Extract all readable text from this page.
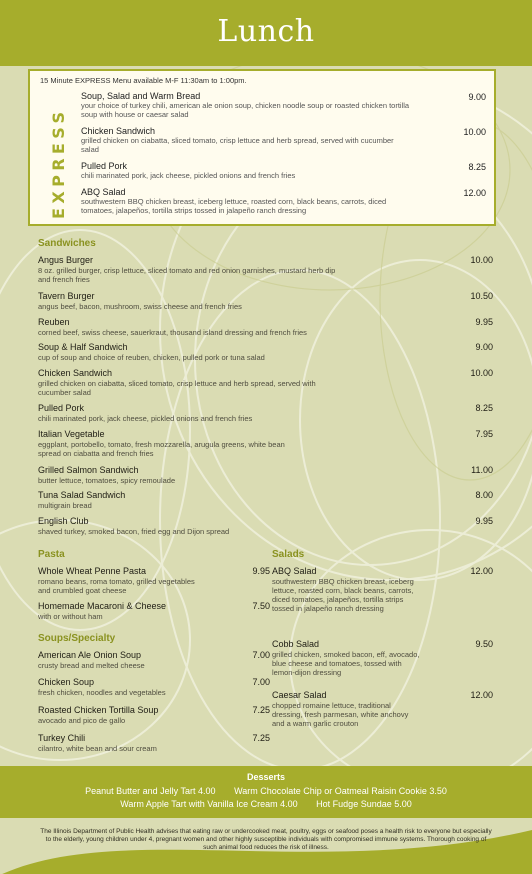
Lunch
15 Minute EXPRESS Menu available M-F 11:30am to 1:00pm.
EXPRESS
Soup, Salad and Warm Bread
your choice of turkey chili, american ale onion soup, chicken noodle soup or roasted chicken tortilla soup with house or caesar salad
9.00
Chicken Sandwich
grilled chicken on ciabatta, sliced tomato, crisp lettuce and herb spread, served with cucumber salad
10.00
Pulled Pork
chili marinated pork, jack cheese, pickled onions and french fries
8.25
ABQ Salad
southwestern BBQ chicken breast, iceberg lettuce, roasted corn, black beans, carrots, diced tomatoes, jalapeños, tortilla strips tossed in jalapeño ranch dressing
12.00
Sandwiches
Angus Burger
8 oz. grilled burger, crisp lettuce, sliced tomato and red onion garnishes, mustard herb dip and french fries
10.00
Tavern Burger
angus beef, bacon, mushroom, swiss cheese and french fries
10.50
Reuben
corned beef, swiss cheese, sauerkraut, thousand island dressing and french fries
9.95
Soup & Half Sandwich
cup of soup and choice of reuben, chicken, pulled pork or tuna salad
9.00
Chicken Sandwich
grilled chicken on ciabatta, sliced tomato, crisp lettuce and herb spread, served with cucumber salad
10.00
Pulled Pork
chili marinated pork, jack cheese, pickled onions and french fries
8.25
Italian Vegetable
eggplant, portobello, tomato, fresh mozzarella, arugula greens, white bean spread on ciabatta and french fries
7.95
Grilled Salmon Sandwich
butter lettuce, tomatoes, spicy remoulade
11.00
Tuna Salad Sandwich
multigrain bread
8.00
English Club
shaved turkey, smoked bacon, fried egg and Dijon spread
9.95
Pasta
Whole Wheat Penne Pasta
romano beans, roma tomato, grilled vegetables and crumbled goat cheese
9.95
Homemade Macaroni & Cheese
with or without ham
7.50
Soups/Specialty
American Ale Onion Soup
crusty bread and melted cheese
7.00
Chicken Soup
fresh chicken, noodles and vegetables
7.00
Roasted Chicken Tortilla Soup
avocado and pico de gallo
7.25
Turkey Chili
cilantro, white bean and sour cream
7.25
Salads
ABQ Salad
southwestern BBQ chicken breast, iceberg lettuce, roasted corn, black beans, carrots, diced tomatoes, jalapeños, tortilla strips tossed in jalapeño ranch dressing
12.00
Cobb Salad
grilled chicken, smoked bacon, eff, avocado, blue cheese and tomatoes, tossed with lemon-dijon dressing
9.50
Caesar Salad
chopped romaine lettuce, traditional dressing, fresh parmesan, white anchovy and a warm garlic crouton
12.00
Desserts
Peanut Butter and Jelly Tart 4.00 Warm Chocolate Chip or Oatmeal Raisin Cookie 3.50
Warm Apple Tart with Vanilla Ice Cream 4.00 Hot Fudge Sundae 5.00
The Illinois Department of Public Health advises that eating raw or undercooked meat, poultry, eggs or seafood poses a health risk to everyone but especially to the elderly, young children under 4, pregnant women and other highly susceptible individuals with compromised immune systems. Thorough cooking of such animal food reduces the risk of illness.
